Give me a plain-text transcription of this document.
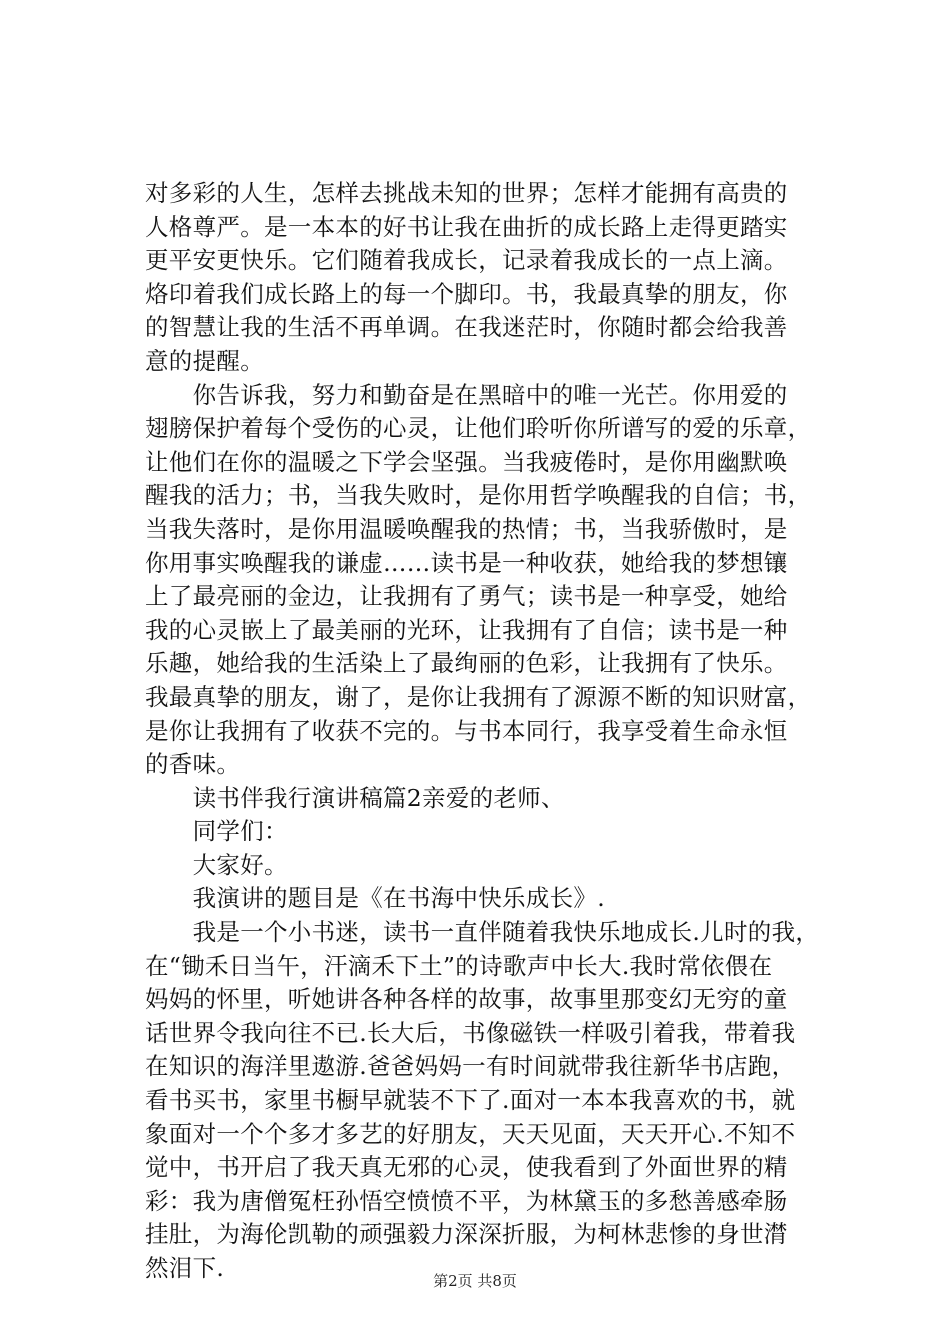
对多彩的人生，怎样去挑战未知的世界；怎样才能拥有高贵的
人格尊严。是一本本的好书让我在曲折的成长路上走得更踏实
更平安更快乐。它们随着我成长，记录着我成长的一点上滴。
烙印着我们成长路上的每一个脚印。书，我最真挚的朋友，你
的智慧让我的生活不再单调。在我迷茫时，你随时都会给我善
意的提醒。
　　你告诉我，努力和勤奋是在黑暗中的唯一光芒。你用爱的
翅膀保护着每个受伤的心灵，让他们聆听你所谱写的爱的乐章，
让他们在你的温暖之下学会坚强。当我疲倦时，是你用幽默唤
醒我的活力；书，当我失败时，是你用哲学唤醒我的自信；书，
当我失落时，是你用温暖唤醒我的热情；书，当我骄傲时，是
你用事实唤醒我的谦虚……读书是一种收获，她给我的梦想镶
上了最亮丽的金边，让我拥有了勇气；读书是一种享受，她给
我的心灵嵌上了最美丽的光环，让我拥有了自信；读书是一种
乐趣，她给我的生活染上了最绚丽的色彩，让我拥有了快乐。
我最真挚的朋友，谢了，是你让我拥有了源源不断的知识财富，
是你让我拥有了收获不完的。与书本同行，我享受着生命永恒
的香味。
　　读书伴我行演讲稿篇2亲爱的老师、
　　同学们：
　　大家好。
　　我演讲的题目是《在书海中快乐成长》.
　　我是一个小书迷，读书一直伴随着我快乐地成长.儿时的我，
在“锄禾日当午，汗滴禾下土”的诗歌声中长大.我时常依偎在
妈妈的怀里，听她讲各种各样的故事，故事里那变幻无穷的童
话世界令我向往不已.长大后，书像磁铁一样吸引着我，带着我
在知识的海洋里遨游.爸爸妈妈一有时间就带我往新华书店跑，
看书买书，家里书橱早就装不下了.面对一本本我喜欢的书，就
象面对一个个多才多艺的好朋友，天天见面，天天开心.不知不
觉中，书开启了我天真无邪的心灵，使我看到了外面世界的精
彩：我为唐僧冤枉孙悟空愤愤不平，为林黛玉的多愁善感牵肠
挂肚，为海伦凯勒的顽强毅力深深折服，为柯林悲惨的身世潸
然泪下.	第2页 共8页
